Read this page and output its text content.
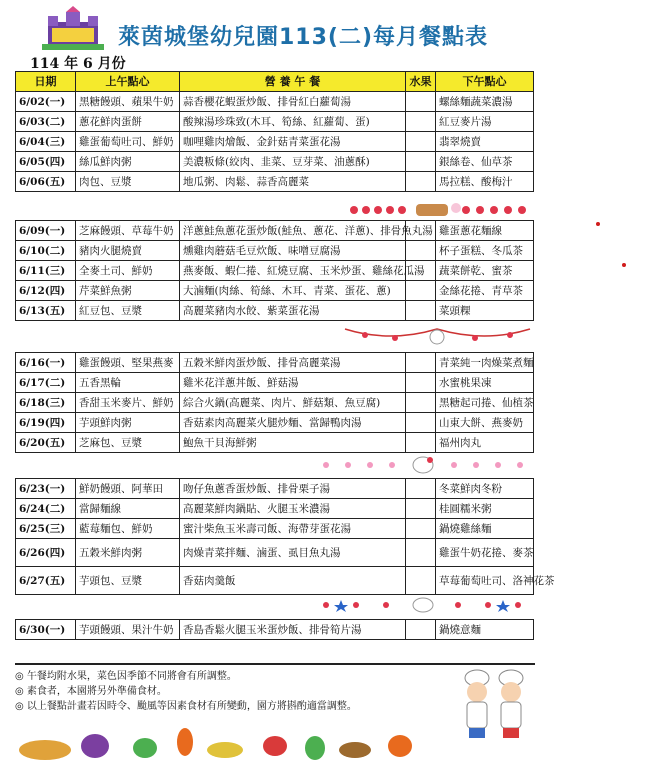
萊茵城堡幼兒園113(二)每月餐點表
114 年 6 月份
日期	上午點心	營 養 午 餐	水果	下午點心
6/02(一)	黑糖饅頭、蘋果牛奶	蒜香櫻花蝦蛋炒飯、排骨紅白蘿蔔湯		螺絲麵蔬菜濃湯
6/03(二)	蔥花鮮肉蛋餅	酸辣湯珍珠致(木耳、筍絲、紅蘿蔔、蛋)		紅豆麥片湯
6/04(三)	雞蛋葡萄吐司、鮮奶	咖哩雞肉燴飯、金針菇青菜蛋花湯		翡翠燒賣
6/05(四)	絲瓜鮮肉粥	美濃粄條(絞肉、韭菜、豆芽菜、油蔥酥)		銀絲卷、仙草茶
6/06(五)	肉包、豆漿	地瓜粥、肉鬆、蒜香高麗菜		馬拉糕、酸梅汁
6/09(一)	芝麻饅頭、草莓牛奶	洋蔥鮭魚蔥花蛋炒飯(鮭魚、蔥花、洋蔥)、排骨魚丸湯		雞蛋蔥花麵線
6/10(二)	豬肉火腿燒賣	燻雞肉蘑菇毛豆炊飯、味噌豆腐湯		杯子蛋糕、冬瓜茶
6/11(三)	全麥土司、鮮奶	燕麥飯、蝦仁捲、紅燒豆腐、玉米炒蛋、雞絲花瓜湯		蔬菜餅乾、蜜茶
6/12(四)	芹菜鮮魚粥	大滷麵(肉絲、筍絲、木耳、青菜、蛋花、蔥)		金絲花捲、青草茶
6/13(五)	紅豆包、豆漿	高麗菜豬肉水餃、紫菜蛋花湯		菜頭粿
6/16(一)	雞蛋饅頭、堅果燕麥	五穀米鮮肉蛋炒飯、排骨高麗菜湯		青菜純一肉燥菜煮麵
6/17(二)	五香黑輪	雞米花洋蔥丼飯、鮮菇湯		水蜜桃果凍
6/18(三)	香甜玉米麥片、鮮奶	綜合火鍋(高麗菜、肉片、鮮菇類、魚豆腐)		黑糖起司捲、仙植茶
6/19(四)	芋頭鮮肉粥	香菇素肉高麗菜火腿炒麵、當歸鴨肉湯		山東大餅、燕麥奶
6/20(五)	芝麻包、豆漿	鮑魚干貝海鮮粥		福州肉丸
6/23(一)	鮮奶饅頭、阿華田	吻仔魚蔥香蛋炒飯、排骨栗子湯		冬菜鮮肉冬粉
6/24(二)	當歸麵線	高麗菜鮮肉鍋貼、火腿玉米濃湯		桂圓糯米粥
6/25(三)	藍莓麵包、鮮奶	蜜汁柴魚玉米壽司飯、海帶芽蛋花湯		鍋燒雞絲麵
6/26(四)	五穀米鮮肉粥	肉燥青菜拌麵、滷蛋、虱目魚丸湯		雞蛋牛奶花捲、麥茶
6/27(五)	芋頭包、豆漿	香菇肉羹飯		草莓葡萄吐司、洛神花茶
6/30(一)	芋頭饅頭、果汁牛奶	香島香鬆火腿玉米蛋炒飯、排骨筍片湯		鍋燒意麵
◎ 午餐均附水果，菜色因季節不同將會有所調整。
◎ 素食者，本園將另外準備食材。
◎ 以上餐點計畫若因時令、颱風等因素食材有所變動，園方將斟酌適當調整。
